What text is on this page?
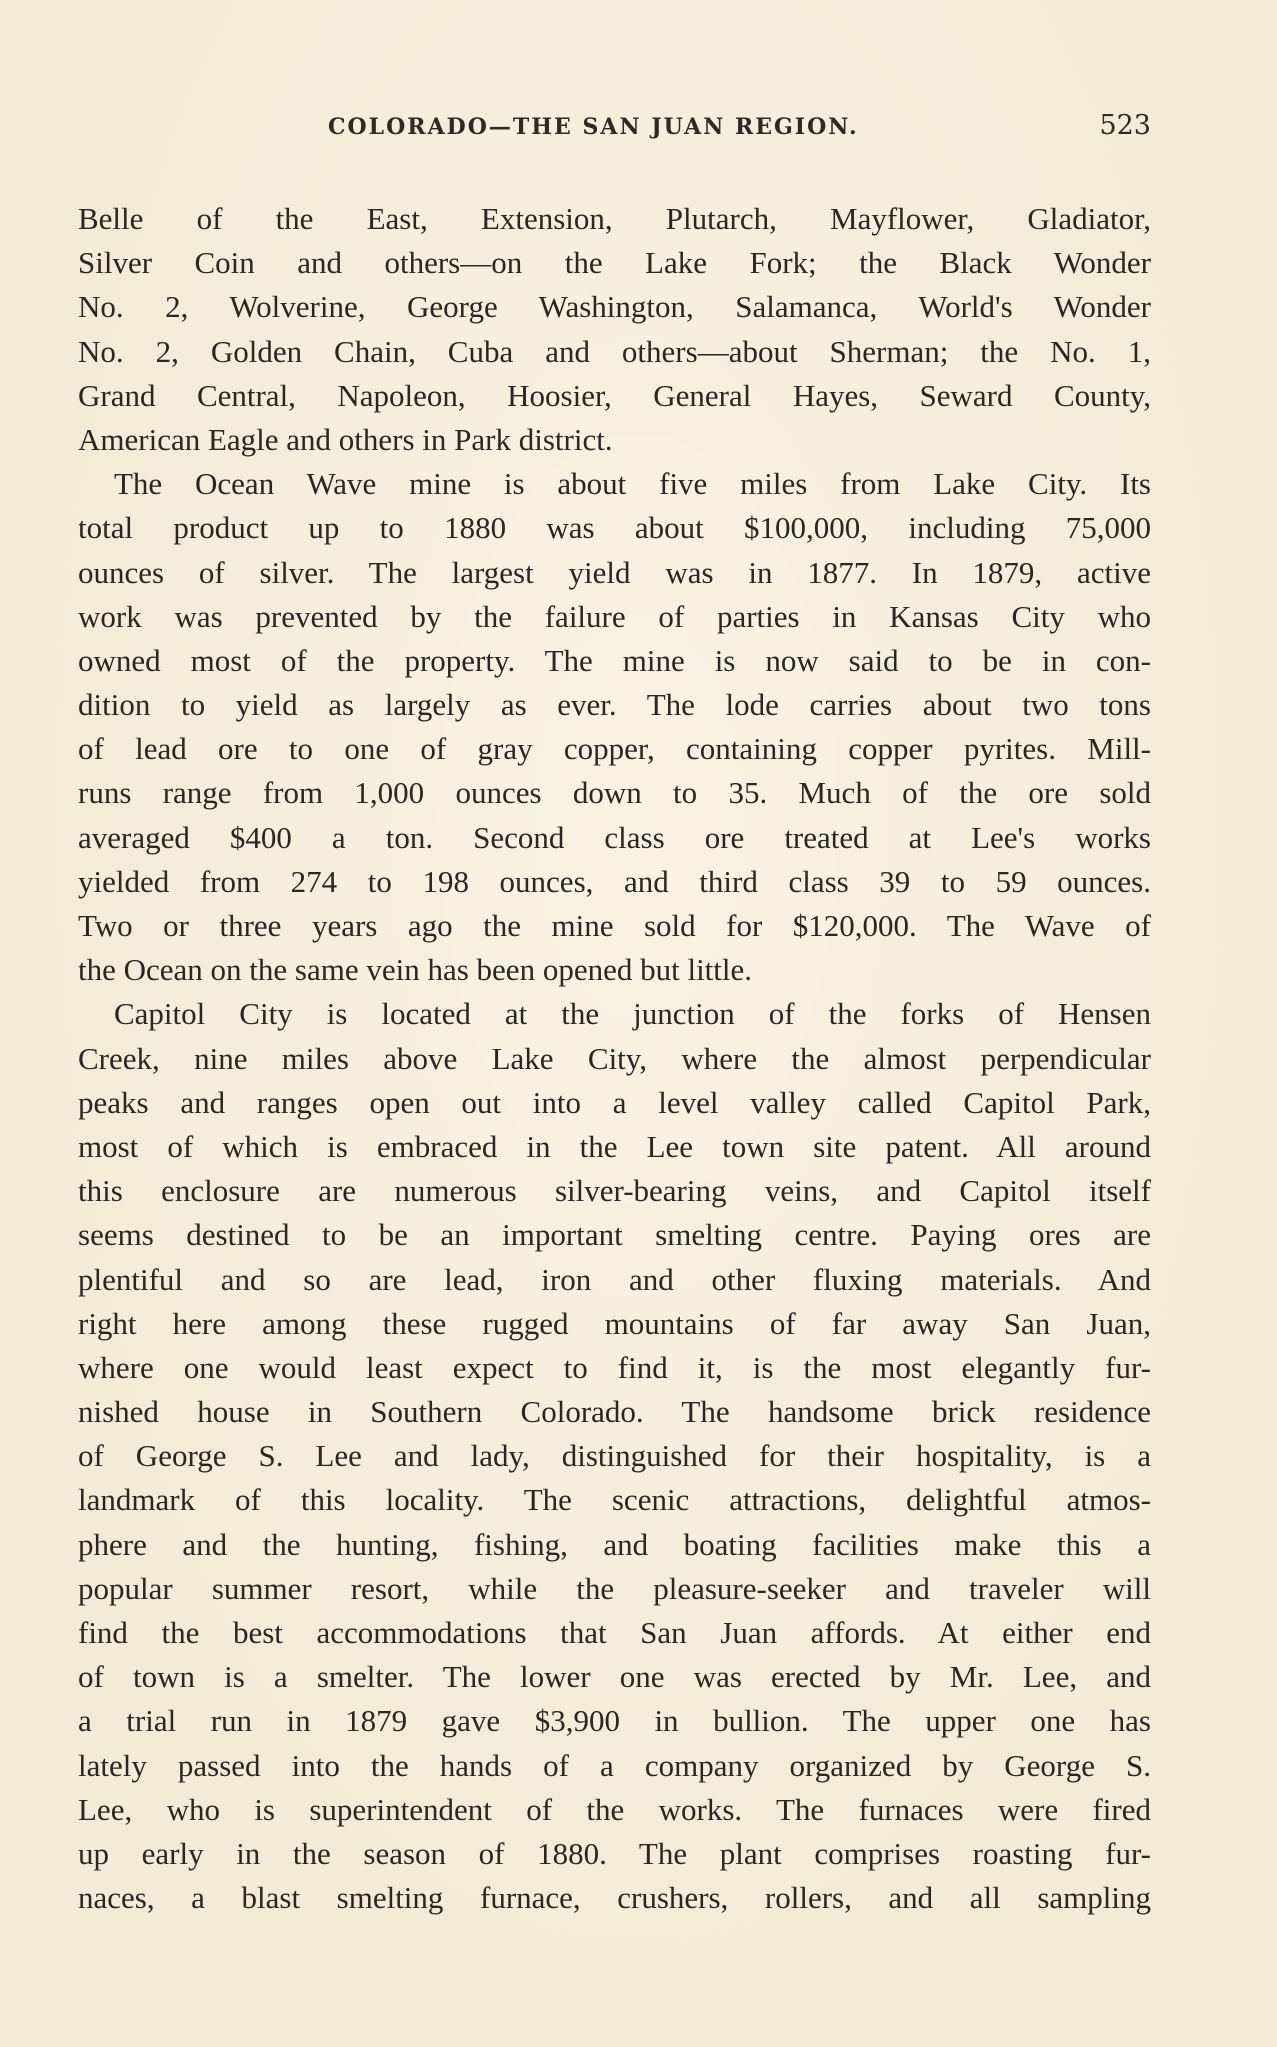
COLORADO—THE SAN JUAN REGION.	523
Belle of the East, Extension, Plutarch, Mayflower, Gladiator,
Silver Coin and others—on the Lake Fork; the Black Wonder
No. 2, Wolverine, George Washington, Salamanca, World's Wonder
No. 2, Golden Chain, Cuba and others—about Sherman; the No. 1,
Grand Central, Napoleon, Hoosier, General Hayes, Seward County,
American Eagle and others in Park district.
The Ocean Wave mine is about five miles from Lake City. Its
total product up to 1880 was about $100,000, including 75,000
ounces of silver. The largest yield was in 1877. In 1879, active
work was prevented by the failure of parties in Kansas City who
owned most of the property. The mine is now said to be in con-
dition to yield as largely as ever. The lode carries about two tons
of lead ore to one of gray copper, containing copper pyrites. Mill-
runs range from 1,000 ounces down to 35. Much of the ore sold
averaged $400 a ton. Second class ore treated at Lee's works
yielded from 274 to 198 ounces, and third class 39 to 59 ounces.
Two or three years ago the mine sold for $120,000. The Wave of
the Ocean on the same vein has been opened but little.
Capitol City is located at the junction of the forks of Hensen
Creek, nine miles above Lake City, where the almost perpendicular
peaks and ranges open out into a level valley called Capitol Park,
most of which is embraced in the Lee town site patent. All around
this enclosure are numerous silver-bearing veins, and Capitol itself
seems destined to be an important smelting centre. Paying ores are
plentiful and so are lead, iron and other fluxing materials. And
right here among these rugged mountains of far away San Juan,
where one would least expect to find it, is the most elegantly fur-
nished house in Southern Colorado. The handsome brick residence
of George S. Lee and lady, distinguished for their hospitality, is a
landmark of this locality. The scenic attractions, delightful atmos-
phere and the hunting, fishing, and boating facilities make this a
popular summer resort, while the pleasure-seeker and traveler will
find the best accommodations that San Juan affords. At either end
of town is a smelter. The lower one was erected by Mr. Lee, and
a trial run in 1879 gave $3,900 in bullion. The upper one has
lately passed into the hands of a company organized by George S.
Lee, who is superintendent of the works. The furnaces were fired
up early in the season of 1880. The plant comprises roasting fur-
naces, a blast smelting furnace, crushers, rollers, and all sampling
